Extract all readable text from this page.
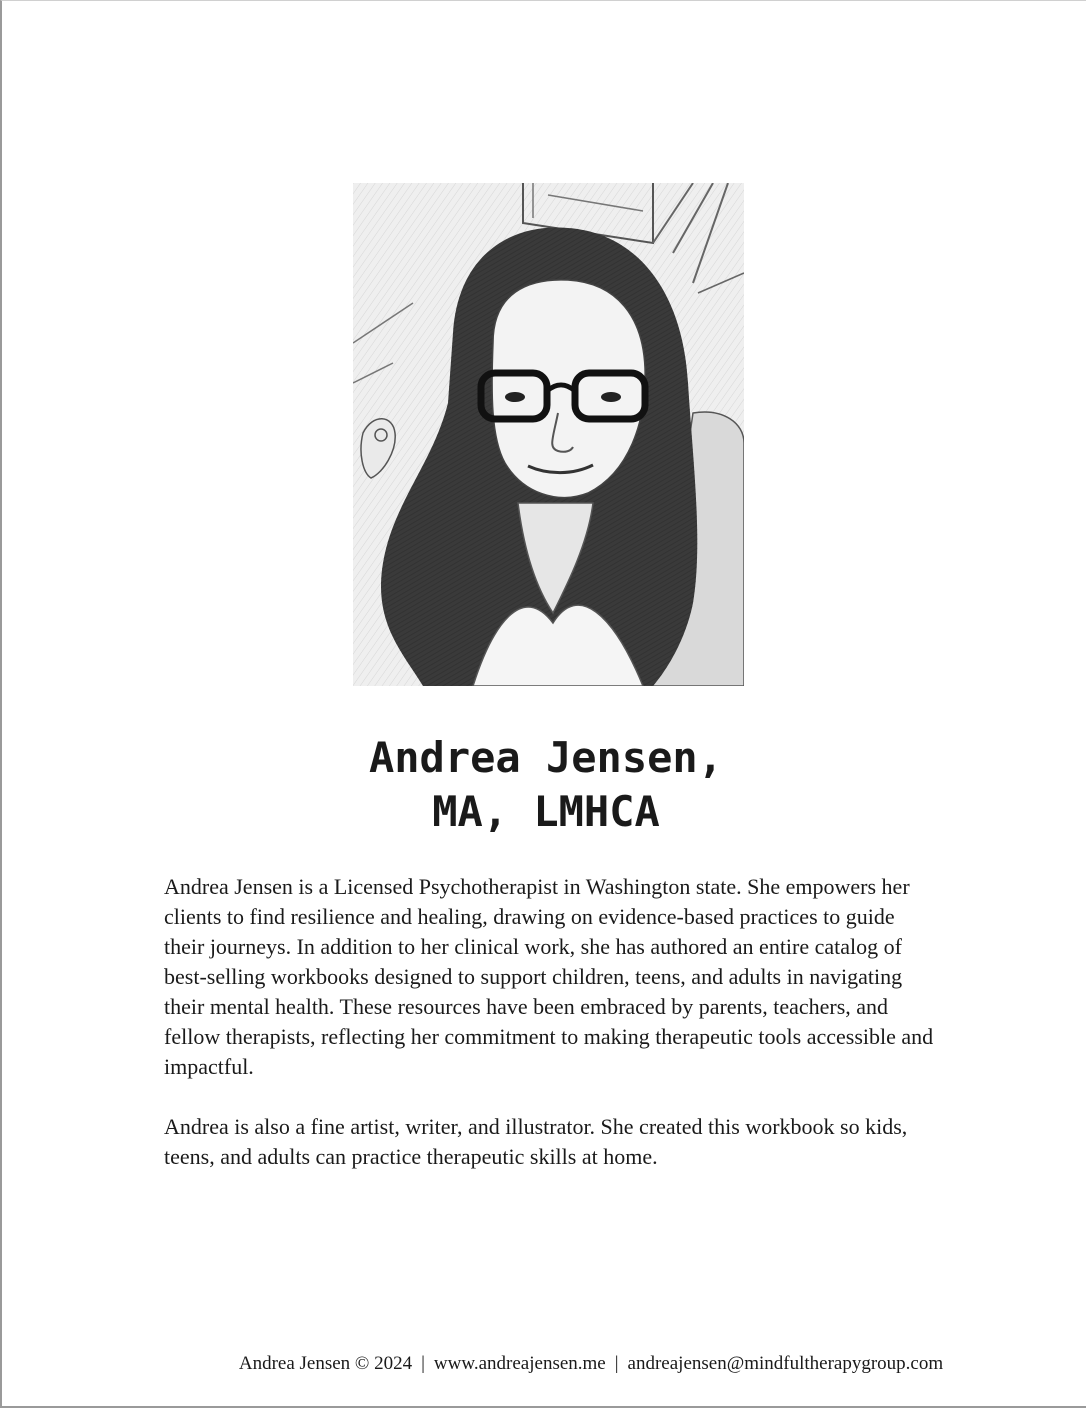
Andrea Jensen,
MA, LMHCA

Andrea Jensen is a Licensed Psychotherapist in Washington state. She empowers her clients to find resilience and healing, drawing on evidence-based practices to guide their journeys. In addition to her clinical work, she has authored an entire catalog of best-selling workbooks designed to support children, teens, and adults in navigating their mental health. These resources have been embraced by parents, teachers, and fellow therapists, reflecting her commitment to making therapeutic tools accessible and impactful.

Andrea is also a fine artist, writer, and illustrator. She created this workbook so kids, teens, and adults can practice therapeutic skills at home.

Andrea Jensen © 2024 | www.andreajensen.me | andreajensen@mindfultherapygroup.com
